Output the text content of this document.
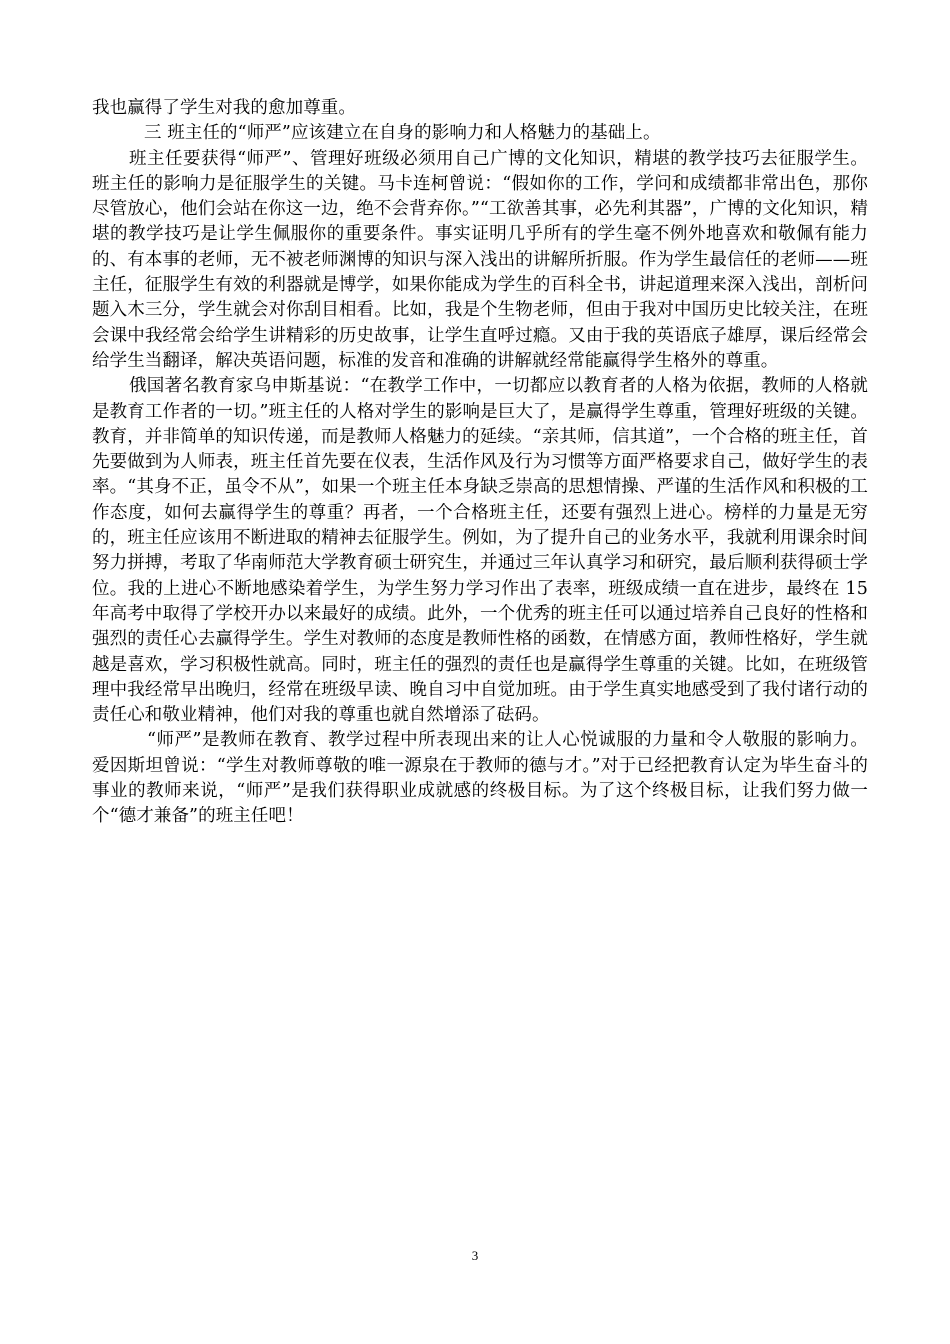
我也赢得了学生对我的愈加尊重。

三 班主任的“师严”应该建立在自身的影响力和人格魅力的基础上。

班主任要获得“师严”、管理好班级必须用自己广博的文化知识，精堪的教学技巧去征服学生。班主任的影响力是征服学生的关键。马卡连柯曾说：“假如你的工作，学问和成绩都非常出色，那你尽管放心，他们会站在你这一边，绝不会背弃你。”“工欲善其事，必先利其器”，广博的文化知识，精堪的教学技巧是让学生佩服你的重要条件。事实证明几乎所有的学生毫不例外地喜欢和敬佩有能力的、有本事的老师，无不被老师渊博的知识与深入浅出的讲解所折服。作为学生最信任的老师——班主任，征服学生有效的利器就是博学，如果你能成为学生的百科全书，讲起道理来深入浅出，剖析问题入木三分，学生就会对你刮目相看。比如，我是个生物老师，但由于我对中国历史比较关注，在班会课中我经常会给学生讲精彩的历史故事，让学生直呼过瘾。又由于我的英语底子雄厚，课后经常会给学生当翻译，解决英语问题，标准的发音和准确的讲解就经常能赢得学生格外的尊重。

俄国著名教育家乌申斯基说：“在教学工作中，一切都应以教育者的人格为依据，教师的人格就是教育工作者的一切。”班主任的人格对学生的影响是巨大了，是赢得学生尊重，管理好班级的关键。教育，并非简单的知识传递，而是教师人格魅力的延续。“亲其师，信其道”，一个合格的班主任，首先要做到为人师表，班主任首先要在仪表，生活作风及行为习惯等方面严格要求自己，做好学生的表率。“其身不正，虽令不从”，如果一个班主任本身缺乏崇高的思想情操、严谨的生活作风和积极的工作态度，如何去赢得学生的尊重？再者，一个合格班主任，还要有强烈上进心。榜样的力量是无穷的，班主任应该用不断进取的精神去征服学生。例如，为了提升自己的业务水平，我就利用课余时间努力拼搏，考取了华南师范大学教育硕士研究生，并通过三年认真学习和研究，最后顺利获得硕士学位。我的上进心不断地感染着学生，为学生努力学习作出了表率，班级成绩一直在进步，最终在 15 年高考中取得了学校开办以来最好的成绩。此外，一个优秀的班主任可以通过培养自己良好的性格和强烈的责任心去赢得学生。学生对教师的态度是教师性格的函数，在情感方面，教师性格好，学生就越是喜欢，学习积极性就高。同时，班主任的强烈的责任也是赢得学生尊重的关键。比如，在班级管理中我经常早出晚归，经常在班级早读、晚自习中自觉加班。由于学生真实地感受到了我付诸行动的责任心和敬业精神，他们对我的尊重也就自然增添了砝码。

“师严”是教师在教育、教学过程中所表现出来的让人心悦诚服的力量和令人敬服的影响力。爱因斯坦曾说：“学生对教师尊敬的唯一源泉在于教师的德与才。”对于已经把教育认定为毕生奋斗的事业的教师来说，“师严”是我们获得职业成就感的终极目标。为了这个终极目标，让我们努力做一个“德才兼备”的班主任吧！

3
